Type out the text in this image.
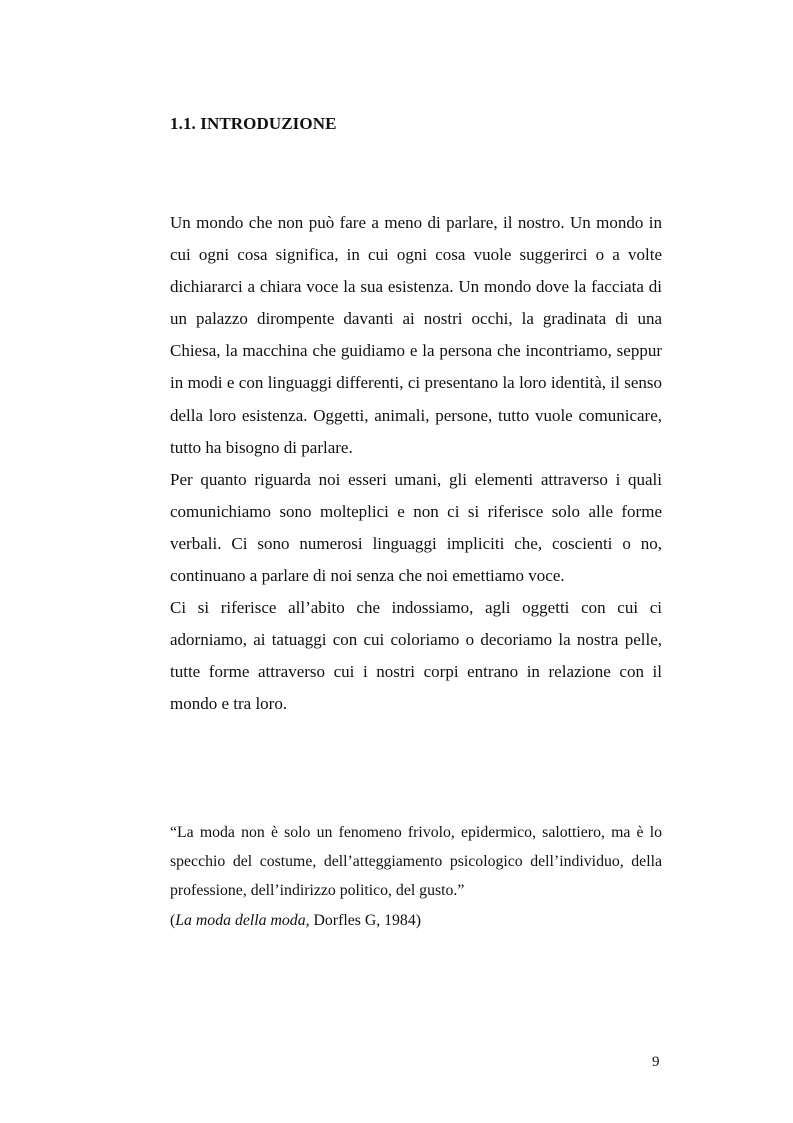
1.1. INTRODUZIONE

Un mondo che non può fare a meno di parlare, il nostro. Un mondo in cui ogni cosa significa, in cui ogni cosa vuole suggerirci o a volte dichiararci a chiara voce la sua esistenza. Un mondo dove la facciata di un palazzo dirompente davanti ai nostri occhi, la gradinata di una Chiesa, la macchina che guidiamo e la persona che incontriamo, seppur in modi e con linguaggi differenti, ci presentano la loro identità, il senso della loro esistenza. Oggetti, animali, persone, tutto vuole comunicare, tutto ha bisogno di parlare.

Per quanto riguarda noi esseri umani, gli elementi attraverso i quali comunichiamo sono molteplici e non ci si riferisce solo alle forme verbali. Ci sono numerosi linguaggi impliciti che, coscienti o no, continuano a parlare di noi senza che noi emettiamo voce.

Ci si riferisce all’abito che indossiamo, agli oggetti con cui ci adorniamo, ai tatuaggi con cui coloriamo o decoriamo la nostra pelle, tutte forme attraverso cui i nostri corpi entrano in relazione con il mondo e tra loro.

“La moda non è solo un fenomeno frivolo, epidermico, salottiero, ma è lo specchio del costume, dell’atteggiamento psicologico dell’individuo, della professione, dell’indirizzo politico, del gusto.”

(La moda della moda, Dorfles G, 1984)

9
